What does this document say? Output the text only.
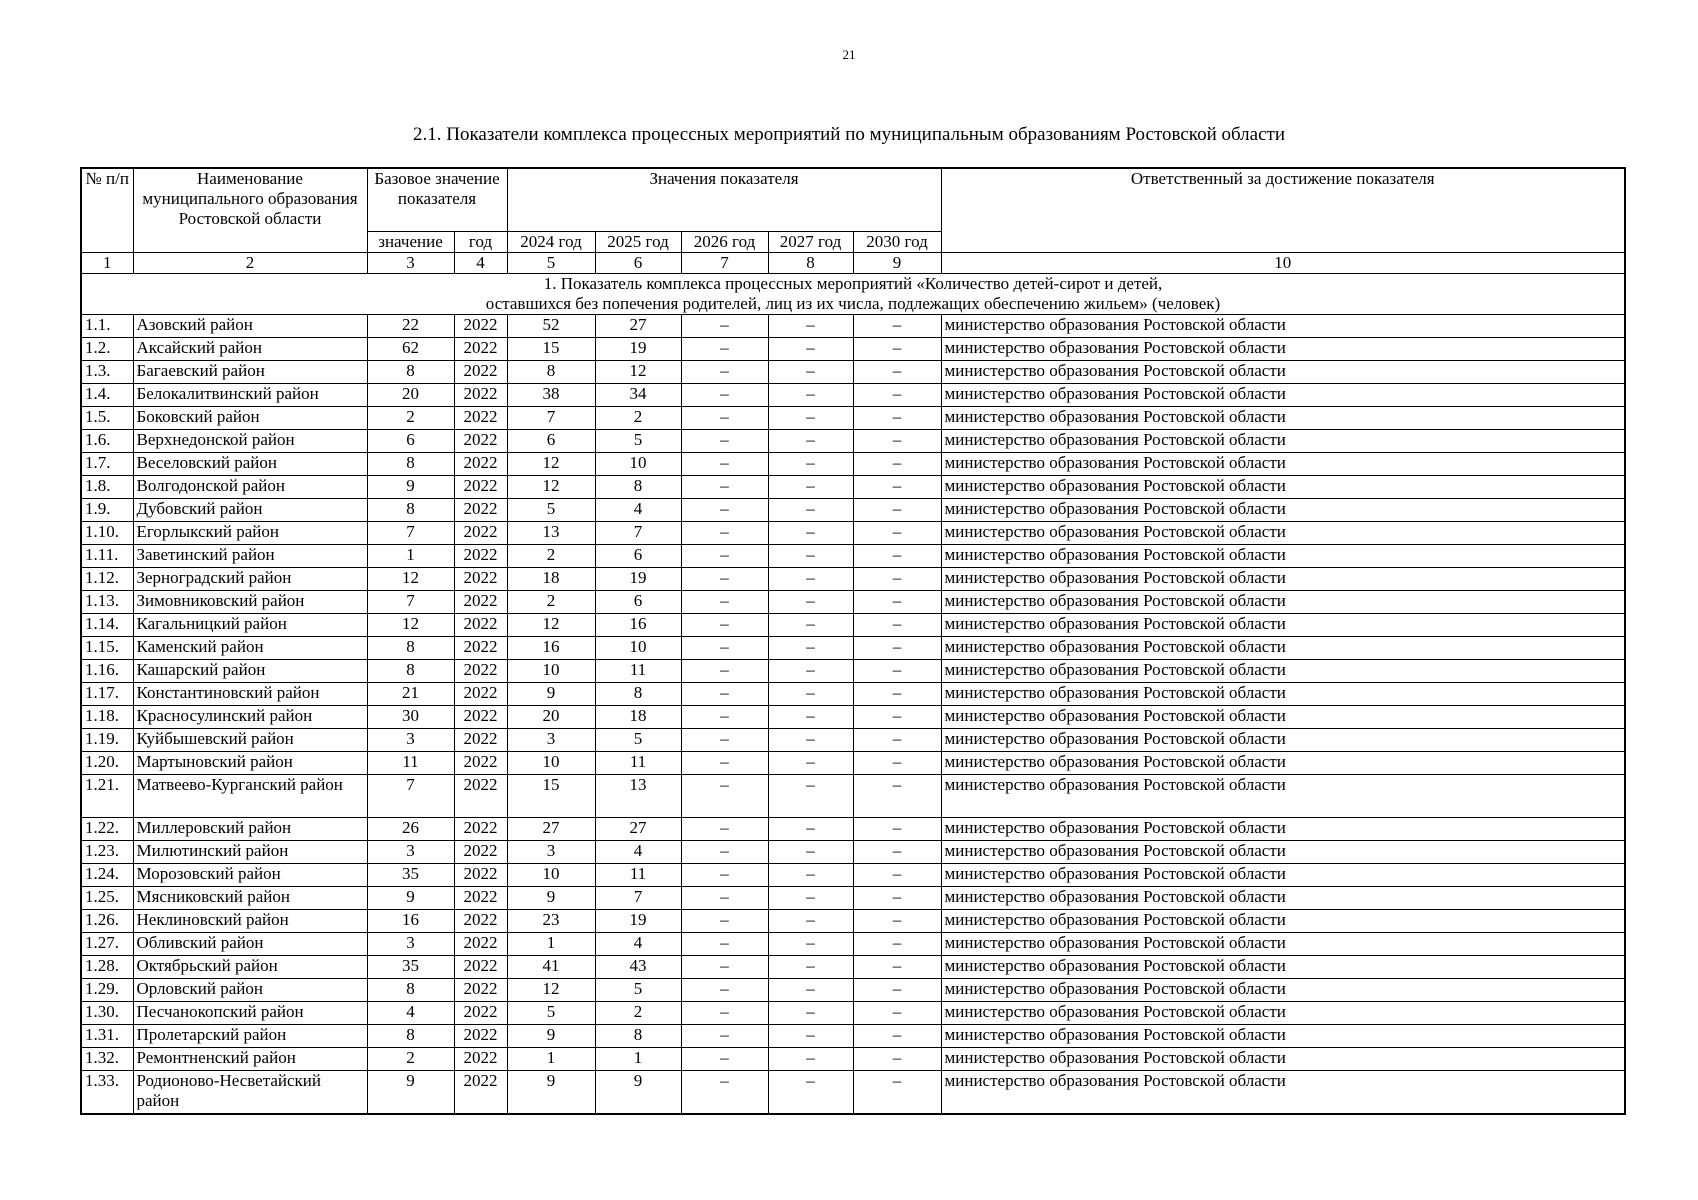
21
2.1. Показатели комплекса процессных мероприятий по муниципальным образованиям Ростовской области
№ п/п	Наименование муниципального образования Ростовской области	Базовое значение показателя		Значения показателя					Ответственный за достижение показателя
		значение	год	2024 год	2025 год	2026 год	2027 год	2030 год	
1	2	3	4	5	6	7	8	9	10

1. Показатель комплекса процессных мероприятий «Количество детей-сирот и детей,
оставшихся без попечения родителей, лиц из их числа, подлежащих обеспечению жильем» (человек)									

1.1.	Азовский район	22	2022	52	27	–	–	–	министерство образования Ростовской области
1.2.	Аксайский район	62	2022	15	19	–	–	–	министерство образования Ростовской области
1.3.	Багаевский район	8	2022	8	12	–	–	–	министерство образования Ростовской области
1.4.	Белокалитвинский район	20	2022	38	34	–	–	–	министерство образования Ростовской области
1.5.	Боковский район	2	2022	7	2	–	–	–	министерство образования Ростовской области
1.6.	Верхнедонской район	6	2022	6	5	–	–	–	министерство образования Ростовской области
1.7.	Веселовский район	8	2022	12	10	–	–	–	министерство образования Ростовской области
1.8.	Волгодонской район	9	2022	12	8	–	–	–	министерство образования Ростовской области
1.9.	Дубовский район	8	2022	5	4	–	–	–	министерство образования Ростовской области
1.10.	Егорлыкский район	7	2022	13	7	–	–	–	министерство образования Ростовской области
1.11.	Заветинский район	1	2022	2	6	–	–	–	министерство образования Ростовской области
1.12.	Зерноградский район	12	2022	18	19	–	–	–	министерство образования Ростовской области
1.13.	Зимовниковский район	7	2022	2	6	–	–	–	министерство образования Ростовской области
1.14.	Кагальницкий район	12	2022	12	16	–	–	–	министерство образования Ростовской области
1.15.	Каменский район	8	2022	16	10	–	–	–	министерство образования Ростовской области
1.16.	Кашарский район	8	2022	10	11	–	–	–	министерство образования Ростовской области
1.17.	Константиновский район	21	2022	9	8	–	–	–	министерство образования Ростовской области
1.18.	Красносулинский район	30	2022	20	18	–	–	–	министерство образования Ростовской области
1.19.	Куйбышевский район	3	2022	3	5	–	–	–	министерство образования Ростовской области
1.20.	Мартыновский район	11	2022	10	11	–	–	–	министерство образования Ростовской области
1.21.	Матвеево-Курганский район	7	2022	15	13	–	–	–	министерство образования Ростовской области
1.22.	Миллеровский район	26	2022	27	27	–	–	–	министерство образования Ростовской области
1.23.	Милютинский район	3	2022	3	4	–	–	–	министерство образования Ростовской области
1.24.	Морозовский район	35	2022	10	11	–	–	–	министерство образования Ростовской области
1.25.	Мясниковский район	9	2022	9	7	–	–	–	министерство образования Ростовской области
1.26.	Неклиновский район	16	2022	23	19	–	–	–	министерство образования Ростовской области
1.27.	Обливский район	3	2022	1	4	–	–	–	министерство образования Ростовской области
1.28.	Октябрьский район	35	2022	41	43	–	–	–	министерство образования Ростовской области
1.29.	Орловский район	8	2022	12	5	–	–	–	министерство образования Ростовской области
1.30.	Песчанокопский район	4	2022	5	2	–	–	–	министерство образования Ростовской области
1.31.	Пролетарский район	8	2022	9	8	–	–	–	министерство образования Ростовской области
1.32.	Ремонтненский район	2	2022	1	1	–	–	–	министерство образования Ростовской области
1.33.	Родионово-Несветайский район	9	2022	9	9	–	–	–	министерство образования Ростовской области
